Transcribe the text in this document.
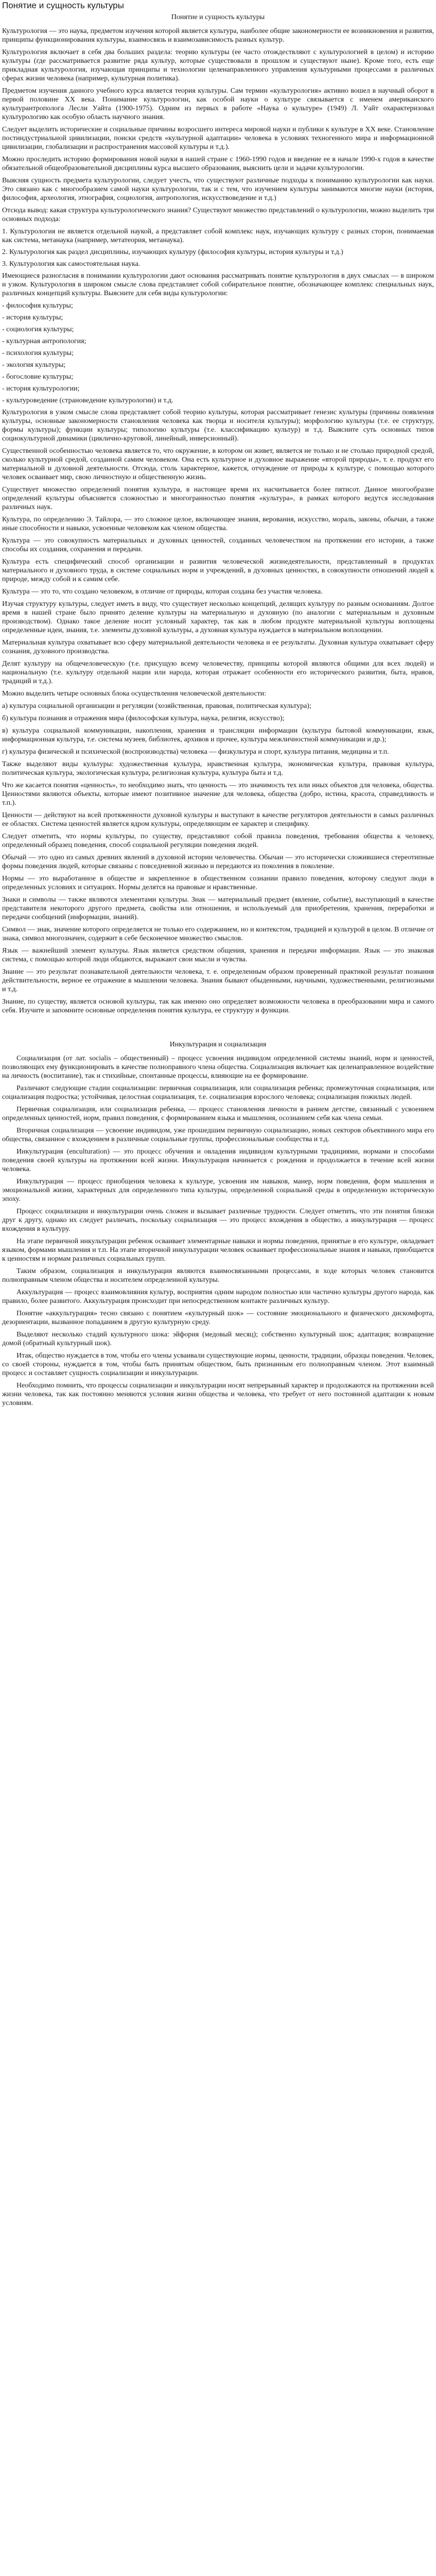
Понятие и сущность культуры
Понятие и сущность культуры

Культурология — это наука, предметом изучения которой является культура, наиболее общие закономерности ее возникновения и развития, принципы функционирования культуры, взаимосвязь и взаимозависимость разных культур.

Культурология включает в себя два больших раздела: теорию культуры (ее часто отождествляют с культурологией в целом) и историю культуры (где рассматривается развитие ряда культур, которые существовали в прошлом и существуют ныне). Кроме того, есть еще прикладная культурология, изучающая принципы и технологии целенаправленного управления культурными процессами в различных сферах жизни человека (например, культурная политика).

Предметом изучения данного учебного курса является теория культуры. Сам термин «культурология» активно вошел в научный оборот в первой половине XX века. Понимание культурологии, как особой науки о культуре связывается с именем американского культурантрополога Лесли Уайта (1900-1975). Одним из первых в работе «Наука о культуре» (1949) Л. Уайт охарактеризовал культурологию как особую область научного знания.

Следует выделить исторические и социальные причины возросшего интереса мировой науки и публики к культуре в XX веке. Становление постиндустриальной цивилизации, поиски средств «культурной адаптации» человека в условиях техногенного мира и информационной цивилизации, глобализации и распространения массовой культуры и т.д.).

Можно проследить историю формирования новой науки в нашей стране с 1960-1990 годов и введение ее в начале 1990-х годов в качестве обязательной общеобразовательной дисциплины курса высшего образования, выяснить цели и задачи культурологии.

Выясняя сущность предмета культурологии, следует учесть, что существуют различные подходы к пониманию культурологии как науки. Это связано как с многообразием самой науки культурологии, так и с тем, что изучением культуры занимаются многие науки (история, философия, археология, этнография, социология, антропология, искусствоведение и т.д.)

Отсюда вывод: какая структура культурологического знания? Существуют множество представлений о культурологии, можно выделить три основных подхода:

1. Культурология не является отдельной наукой, а представляет собой комплекс наук, изучающих культуру с разных сторон, понимаемая как система, метанаука (например, метатеория, метанаука).
2. Культурология как раздел дисциплины, изучающих культуру (философия культуры, история культуры и т.д.)
3. Культурология как самостоятельная наука.

Имеющиеся разногласия в понимании культурологии дают основания рассматривать понятие культурология в двух смыслах — в широком и узком. Культурология в широком смысле слова представляет собой собирательное понятие, обозначающее комплекс специальных наук, различных концепций культуры. Выясните для себя виды культурологии:

- философия культуры;
- история культуры;
- социология культуры;
- культурная антропология;
- психология культуры;
- экология культуры;
- богословие культуры;
- история культурологии;
- культуроведение (страноведение культурологии) и т.д.

Культурология в узком смысле слова представляет собой теорию культуры, которая рассматривает генезис культуры (причины появления культуры, основные закономерности становления человека как творца и носителя культуры); морфологию культуры (т.е. ее структуру, формы культуры); функции культуры; типологию культуры (т.е. классификацию культур) и т.д. Выясните суть основных типов социокультурной динамики (циклично-круговой, линейный, инверсионный).

Существенной особенностью человека является то, что окружение, в котором он живет, является не только и не столько природной средой, сколько культурной средой, созданной самим человеком. Она есть культурное и духовное выражение «второй природы», т. е. продукт его материальной и духовной деятельности. Отсюда, столь характерное, кажется, отчуждение от природы к культуре, с помощью которого человек осваивает мир, свою личностную и общественную жизнь.

Существует множество определений понятия культура, в настоящее время их насчитывается более пятисот. Данное многообразие определений культуры объясняется сложностью и многогранностью понятия «культура», в рамках которого ведутся исследования различных наук.

Культура, по определению Э. Тайлора, — это сложное целое, включающее знания, верования, искусство, мораль, законы, обычаи, а также иные способности и навыки, усвоенные человеком как членом общества.

Культура — это совокупность материальных и духовных ценностей, созданных человечеством на протяжении его истории, а также способы их создания, сохранения и передачи.

Культура есть специфический способ организации и развития человеческой жизнедеятельности, представленный в продуктах материального и духовного труда, в системе социальных норм и учреждений, в духовных ценностях, в совокупности отношений людей к природе, между собой и к самим себе.

Культура — это то, что создано человеком, в отличие от природы, которая создана без участия человека.

Изучая структуру культуры, следует иметь в виду, что существует несколько концепций, делящих культуру по разным основаниям. Долгое время в нашей стране было принято деление культуры на материальную и духовную (по аналогии с материальным и духовным производством). Однако такое деление носит условный характер, так как в любом продукте материальной культуры воплощены определенные идеи, знания, т.е. элементы духовной культуры, а духовная культура нуждается в материальном воплощении.

Материальная культура охватывает всю сферу материальной деятельности человека и ее результаты. Духовная культура охватывает сферу сознания, духовного производства.

Делят культуру на общечеловеческую (т.е. присущую всему человечеству, принципы которой являются общими для всех людей) и национальную (т.е. культуру отдельной нации или народа, которая отражает особенности его исторического развития, быта, нравов, традиций и т.д.).

Можно выделить четыре основных блока осуществления человеческой деятельности:

а) культура социальной организации и регуляции (хозяйственная, правовая, политическая культура);

б) культура познания и отражения мира (философская культура, наука, религия, искусство);

в) культура социальной коммуникации, накопления, хранения и трансляции информации (культура бытовой коммуникации, язык, информационная культура, т.е. система музеев, библиотек, архивов и прочее, культура межличностной коммуникации и др.);

г) культура физической и психической (воспроизводства) человека — физкультура и спорт, культура питания, медицина и т.п.

Также выделяют виды культуры: художественная культура, нравственная культура, экономическая культура, правовая культура, политическая культура, экологическая культура, религиозная культура, культура быта и т.д.

Что же касается понятия «ценность», то необходимо знать, что ценность — это значимость тех или иных объектов для человека, общества. Ценностями являются объекты, которые имеют позитивное значение для человека, общества (добро, истина, красота, справедливость и т.п.).

Ценности — действуют на всей протяженности духовной культуры и выступают в качестве регуляторов деятельности в самых различных ее областях. Система ценностей является ядром культуры, определяющим ее характер и специфику.

Следует отметить, что нормы культуры, по существу, представляют собой правила поведения, требования общества к человеку, определенный образец поведения, способ социальной регуляции поведения людей.

Обычай — это одно из самых древних явлений в духовной истории человечества. Обычаи — это исторически сложившиеся стереотипные формы поведения людей, которые связаны с повседневной жизнью и передаются из поколения в поколение.

Нормы — это выработанное в обществе и закрепленное в общественном сознании правило поведения, которому следуют люди в определенных условиях и ситуациях. Нормы делятся на правовые и нравственные.

Знаки и символы — также являются элементами культуры. Знак — материальный предмет (явление, событие), выступающий в качестве представителя некоторого другого предмета, свойства или отношения, и используемый для приобретения, хранения, переработки и передачи сообщений (информации, знаний).

Символ — знак, значение которого определяется не только его содержанием, но и контекстом, традицией и культурой в целом. В отличие от знака, символ многозначен, содержит в себе бесконечное множество смыслов.

Язык — важнейший элемент культуры. Язык является средством общения, хранения и передачи информации. Язык — это знаковая система, с помощью которой люди общаются, выражают свои мысли и чувства.

Знание — это результат познавательной деятельности человека, т. е. определенным образом проверенный практикой результат познания действительности, верное ее отражение в мышлении человека. Знания бывают обыденными, научными, художественными, религиозными и т.д.

Знание, по существу, является основой культуры, так как именно оно определяет возможности человека в преобразовании мира и самого себя. Изучите и запомните основные определения понятия культура, ее структуру и функции.

Инкультурация и социализация

Социализация (от лат. socialis – общественный) – процесс усвоения индивидом определенной системы знаний, норм и ценностей, позволяющих ему функционировать в качестве полноправного члена общества. Социализация включает как целенаправленное воздействие на личность (воспитание), так и стихийные, спонтанные процессы, влияющие на ее формирование.

Различают следующие стадии социализации: первичная социализация, или социализация ребенка; промежуточная социализация, или социализация подростка; устойчивая, целостная социализация, т.е. социализация взрослого человека; социализация пожилых людей.

Первичная социализация, или социализация ребенка, — процесс становления личности в раннем детстве, связанный с усвоением определенных ценностей, норм, правил поведения, с формированием языка и мышления, осознанием себя как члена семьи.

Вторичная социализация — усвоение индивидом, уже прошедшим первичную социализацию, новых секторов объективного мира его общества, связанное с вхождением в различные социальные группы, профессиональные сообщества и т.д.

Инкультурация (enculturation) — это процесс обучения и овладения индивидом культурными традициями, нормами и способами поведения своей культуры на протяжении всей жизни. Инкультурация начинается с рождения и продолжается в течение всей жизни человека.

Инкультурация — процесс приобщения человека к культуре, усвоения им навыков, манер, норм поведения, форм мышления и эмоциональной жизни, характерных для определенного типа культуры, определенной социальной среды в определенную историческую эпоху.

Процесс социализации и инкультурации очень сложен и вызывает различные трудности. Следует отметить, что эти понятия близки друг к другу, однако их следует различать, поскольку социализация — это процесс вхождения в общество, а инкультурация — процесс вхождения в культуру.

На этапе первичной инкультурации ребенок осваивает элементарные навыки и нормы поведения, принятые в его культуре, овладевает языком, формами мышления и т.п. На этапе вторичной инкультурации человек осваивает профессиональные знания и навыки, приобщается к ценностям и нормам различных социальных групп.

Таким образом, социализация и инкультурация являются взаимосвязанными процессами, в ходе которых человек становится полноправным членом общества и носителем определенной культуры.

Аккультурация — процесс взаимовлияния культур, восприятия одним народом полностью или частично культуры другого народа, как правило, более развитого. Аккультурация происходит при непосредственном контакте различных культур.

Понятие «аккультурация» тесно связано с понятием «культурный шок» — состояние эмоционального и физического дискомфорта, дезориентации, вызванное попаданием в другую культурную среду.

Выделяют несколько стадий культурного шока: эйфория (медовый месяц); собственно культурный шок; адаптация; возвращение домой (обратный культурный шок).

Итак, общество нуждается в том, чтобы его члены усваивали существующие нормы, ценности, традиции, образцы поведения. Человек, со своей стороны, нуждается в том, чтобы быть принятым обществом, быть признанным его полноправным членом. Этот взаимный процесс и составляет сущность социализации и инкультурации.

Необходимо помнить, что процессы социализации и инкультурации носят непрерывный характер и продолжаются на протяжении всей жизни человека, так как постоянно меняются условия жизни общества и человека, что требует от него постоянной адаптации к новым условиям.
